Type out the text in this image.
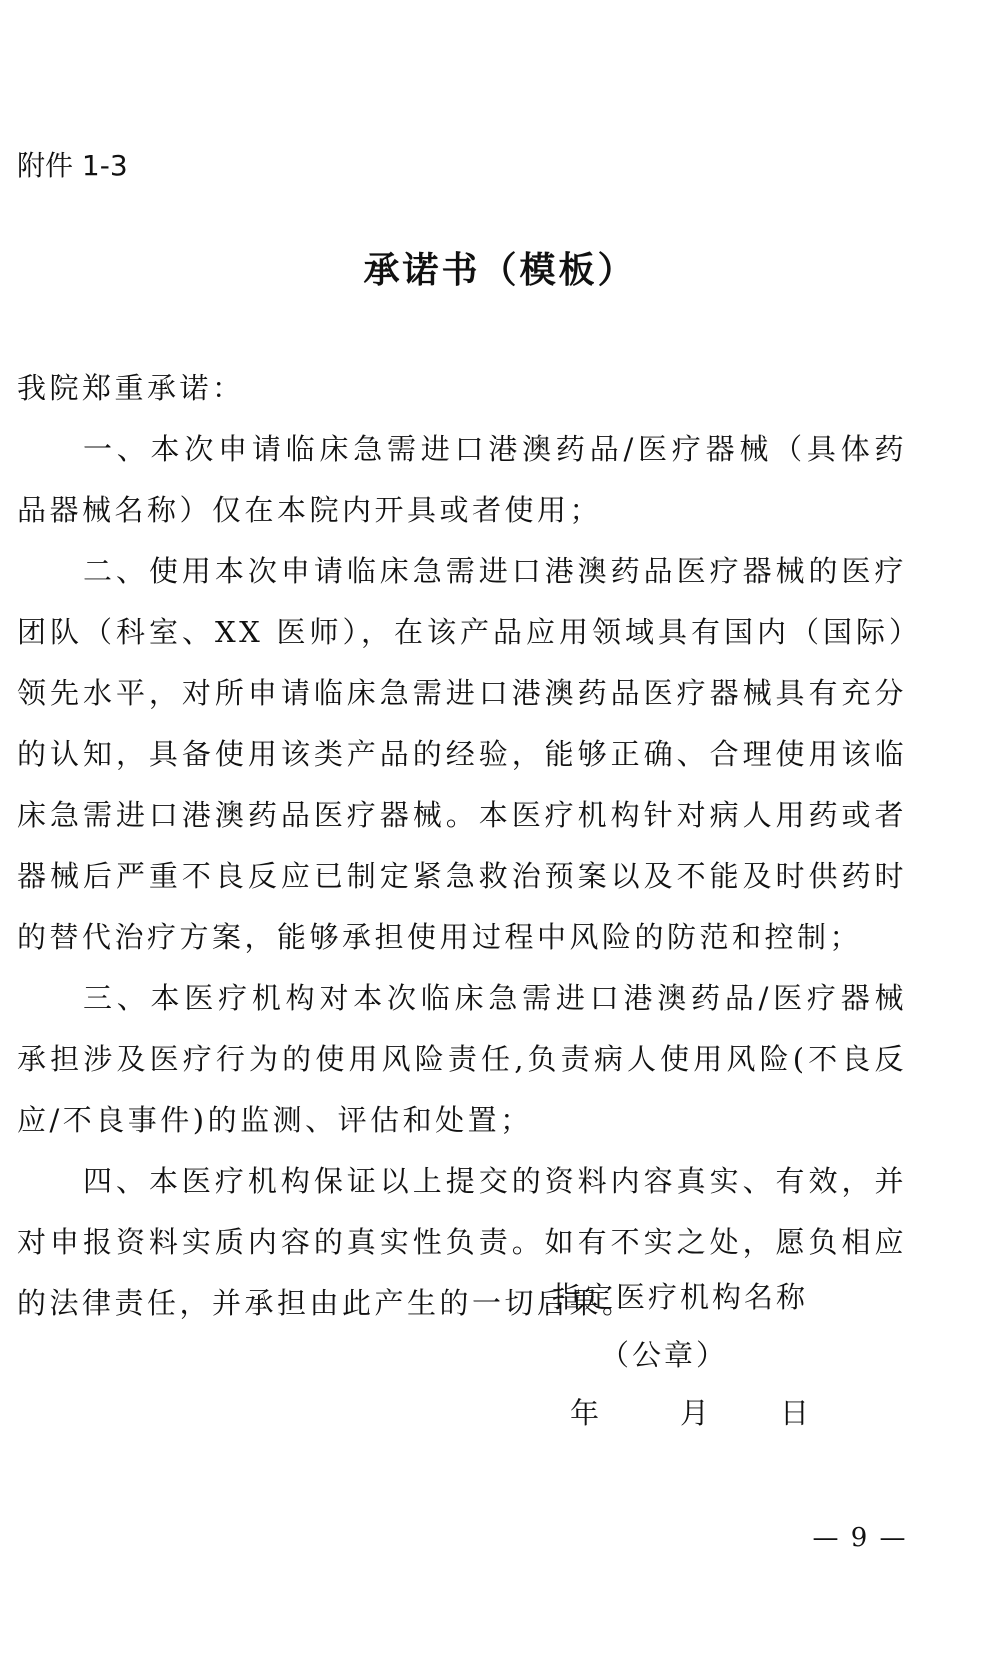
附件 1-3
承诺书（模板）

我院郑重承诺：

一、本次申请临床急需进口港澳药品/医疗器械（具体药品器械名称）仅在本院内开具或者使用；

二、使用本次申请临床急需进口港澳药品医疗器械的医疗团队（科室、XX 医师），在该产品应用领域具有国内（国际）领先水平，对所申请临床急需进口港澳药品医疗器械具有充分的认知，具备使用该类产品的经验，能够正确、合理使用该临床急需进口港澳药品医疗器械。本医疗机构针对病人用药或者器械后严重不良反应已制定紧急救治预案以及不能及时供药时的替代治疗方案，能够承担使用过程中风险的防范和控制；

三、本医疗机构对本次临床急需进口港澳药品/医疗器械承担涉及医疗行为的使用风险责任,负责病人使用风险(不良反应/不良事件)的监测、评估和处置；

四、本医疗机构保证以上提交的资料内容真实、有效，并对申报资料实质内容的真实性负责。如有不实之处，愿负相应的法律责任，并承担由此产生的一切后果。

指定医疗机构名称
（公章）
年	月 日
— 9 —
